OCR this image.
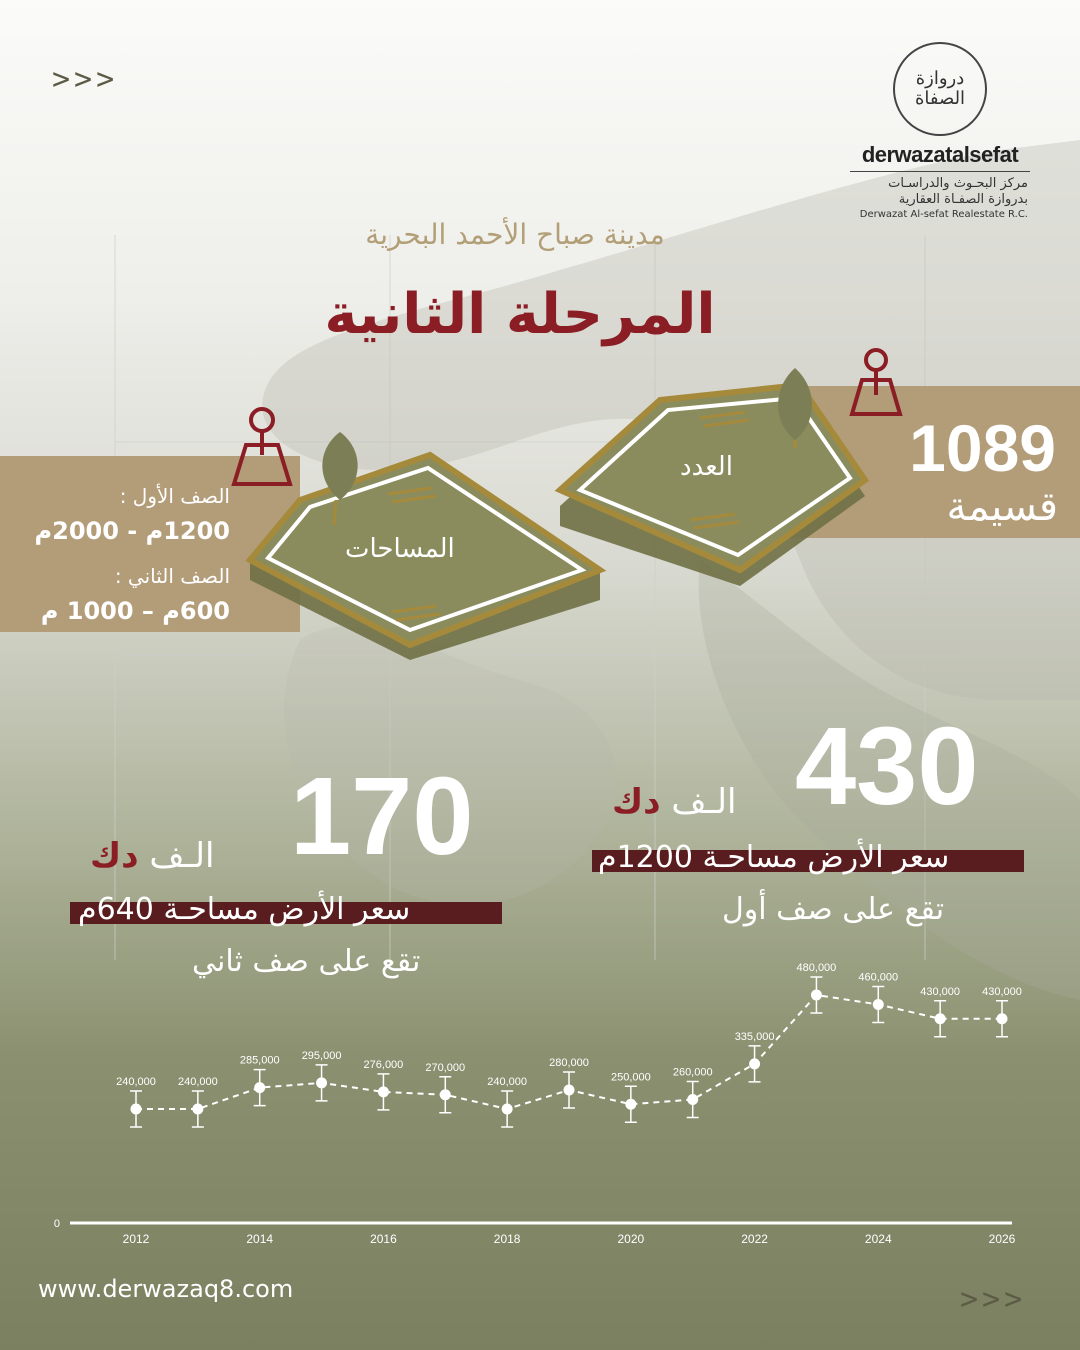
>>>	دروازة الصفاة
derwazatalsefat
مركز البحـوث والدراسـات
بدروازة الصفـاة العقارية
Derwazat Al-sefat Realestate R.C.
مدينة صباح الأحمد البحرية
المرحلة الثانية
1089
قسيمة
العدد
المساحات
الصف الأول :
1200م - 2000م
الصف الثاني :
600م – 1000 م
430
الـف دك
سعر الأرض مساحـة 1200م
تقع على صف أول
170
الـف دك
سعر الأرض مساحـة 640م
تقع على صف ثاني
0
2012	2014	2016	2018	2020	2022	2024	2026
240,000 240,000
285,000 295,000
276,000 270,000
240,000
280,000
250,000 260,000
335,000
480,000
460,000
430,000 430,000
www.derwazaq8.com	>>>
